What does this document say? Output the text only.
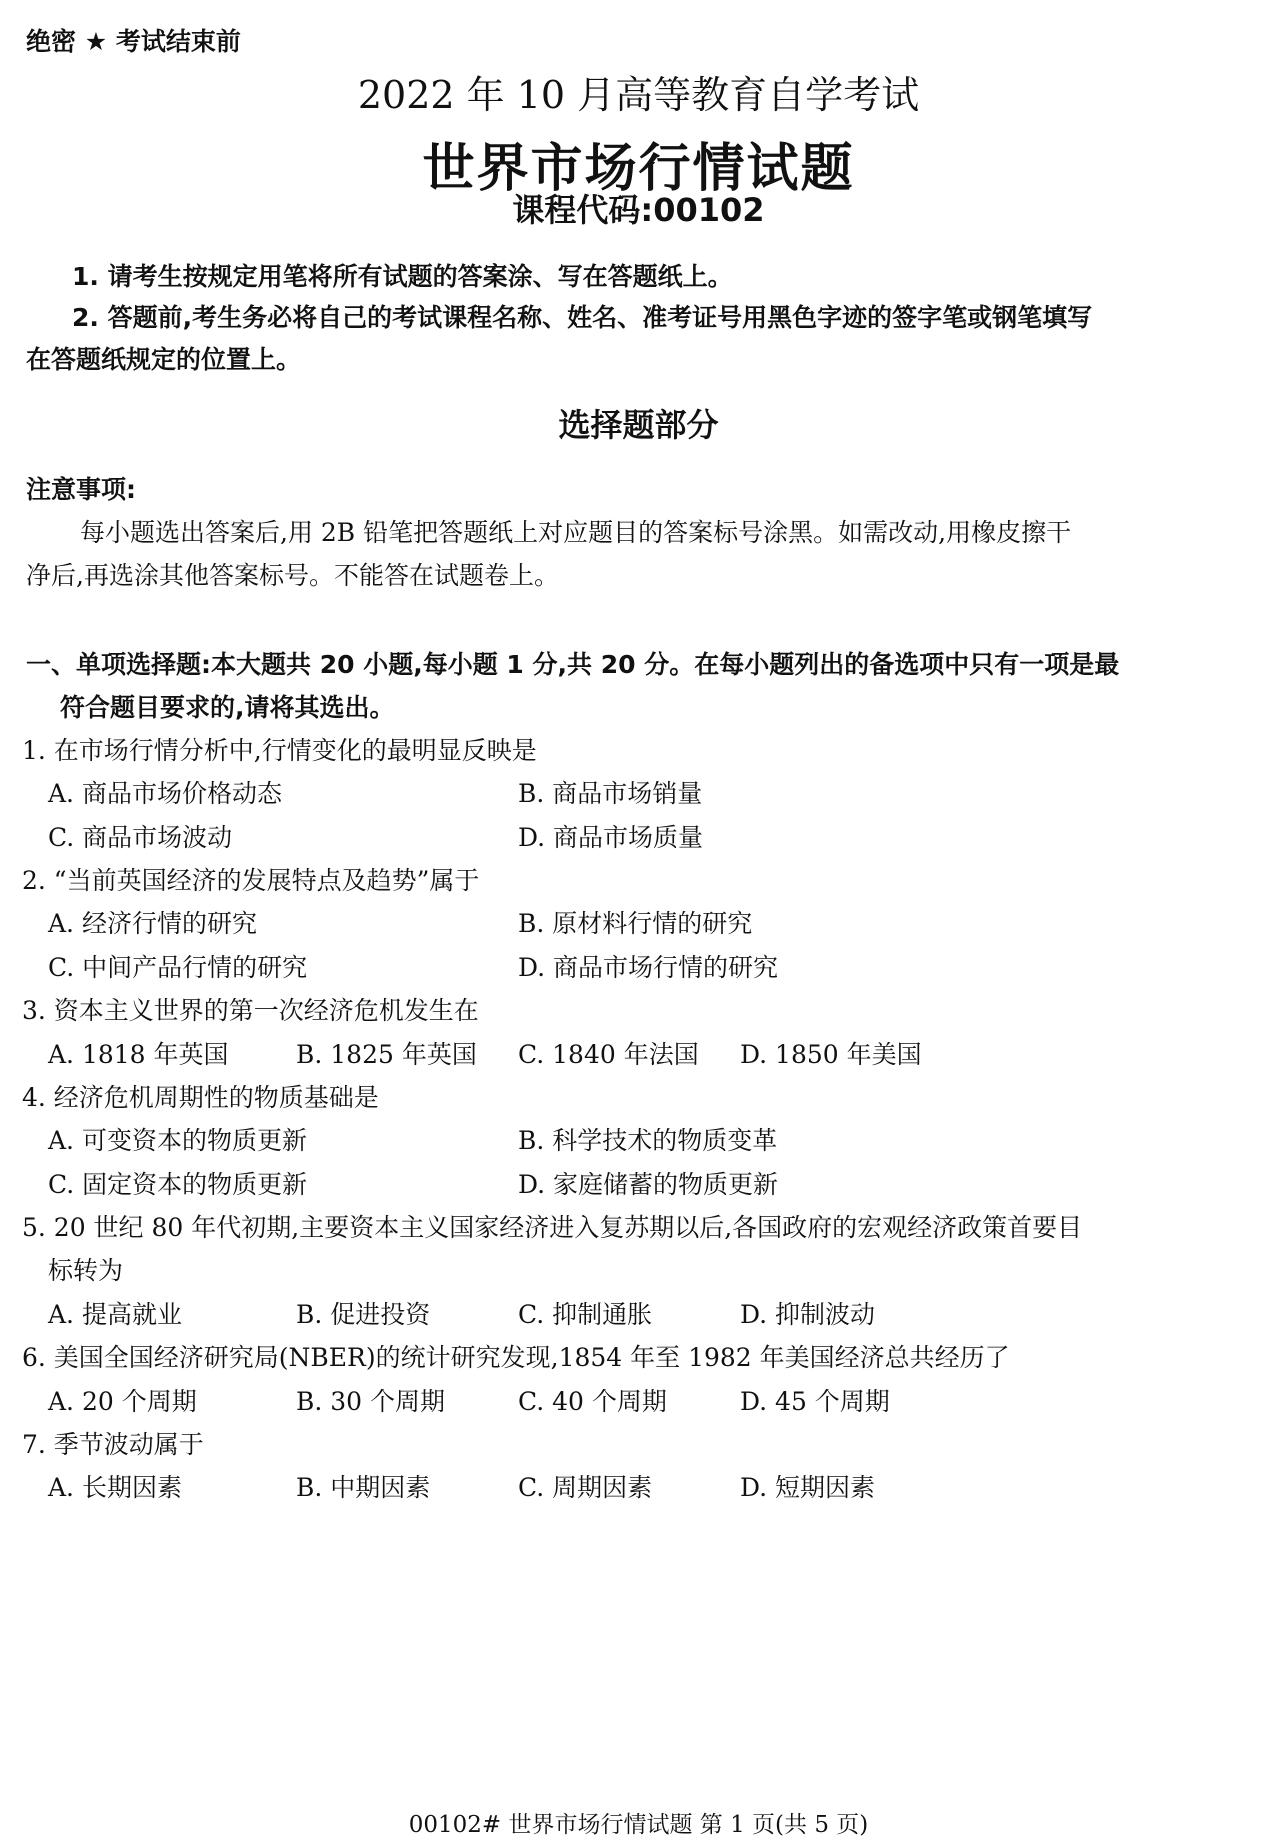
绝密 ★ 考试结束前
2022 年 10 月高等教育自学考试
世界市场行情试题
课程代码:00102
1. 请考生按规定用笔将所有试题的答案涂、写在答题纸上。
2. 答题前,考生务必将自己的考试课程名称、姓名、准考证号用黑色字迹的签字笔或钢笔填写
在答题纸规定的位置上。
选择题部分
注意事项:
每小题选出答案后,用 2B 铅笔把答题纸上对应题目的答案标号涂黑。如需改动,用橡皮擦干
净后,再选涂其他答案标号。不能答在试题卷上。
一、单项选择题:本大题共 20 小题,每小题 1 分,共 20 分。在每小题列出的备选项中只有一项是最
符合题目要求的,请将其选出。
1. 在市场行情分析中,行情变化的最明显反映是
A. 商品市场价格动态	B. 商品市场销量
C. 商品市场波动	D. 商品市场质量
2. “当前英国经济的发展特点及趋势”属于
A. 经济行情的研究	B. 原材料行情的研究
C. 中间产品行情的研究	D. 商品市场行情的研究
3. 资本主义世界的第一次经济危机发生在
A. 1818 年英国	B. 1825 年英国 C. 1840 年法国 D. 1850 年美国
4. 经济危机周期性的物质基础是
A. 可变资本的物质更新	B. 科学技术的物质变革
C. 固定资本的物质更新	D. 家庭储蓄的物质更新
5. 20 世纪 80 年代初期,主要资本主义国家经济进入复苏期以后,各国政府的宏观经济政策首要目
标转为
A. 提高就业	B. 促进投资	C. 抑制通胀	D. 抑制波动
6. 美国全国经济研究局(NBER)的统计研究发现,1854 年至 1982 年美国经济总共经历了
A. 20 个周期	B. 30 个周期	C. 40 个周期	D. 45 个周期
7. 季节波动属于
A. 长期因素	B. 中期因素	C. 周期因素	D. 短期因素
00102# 世界市场行情试题 第 1 页(共 5 页)
